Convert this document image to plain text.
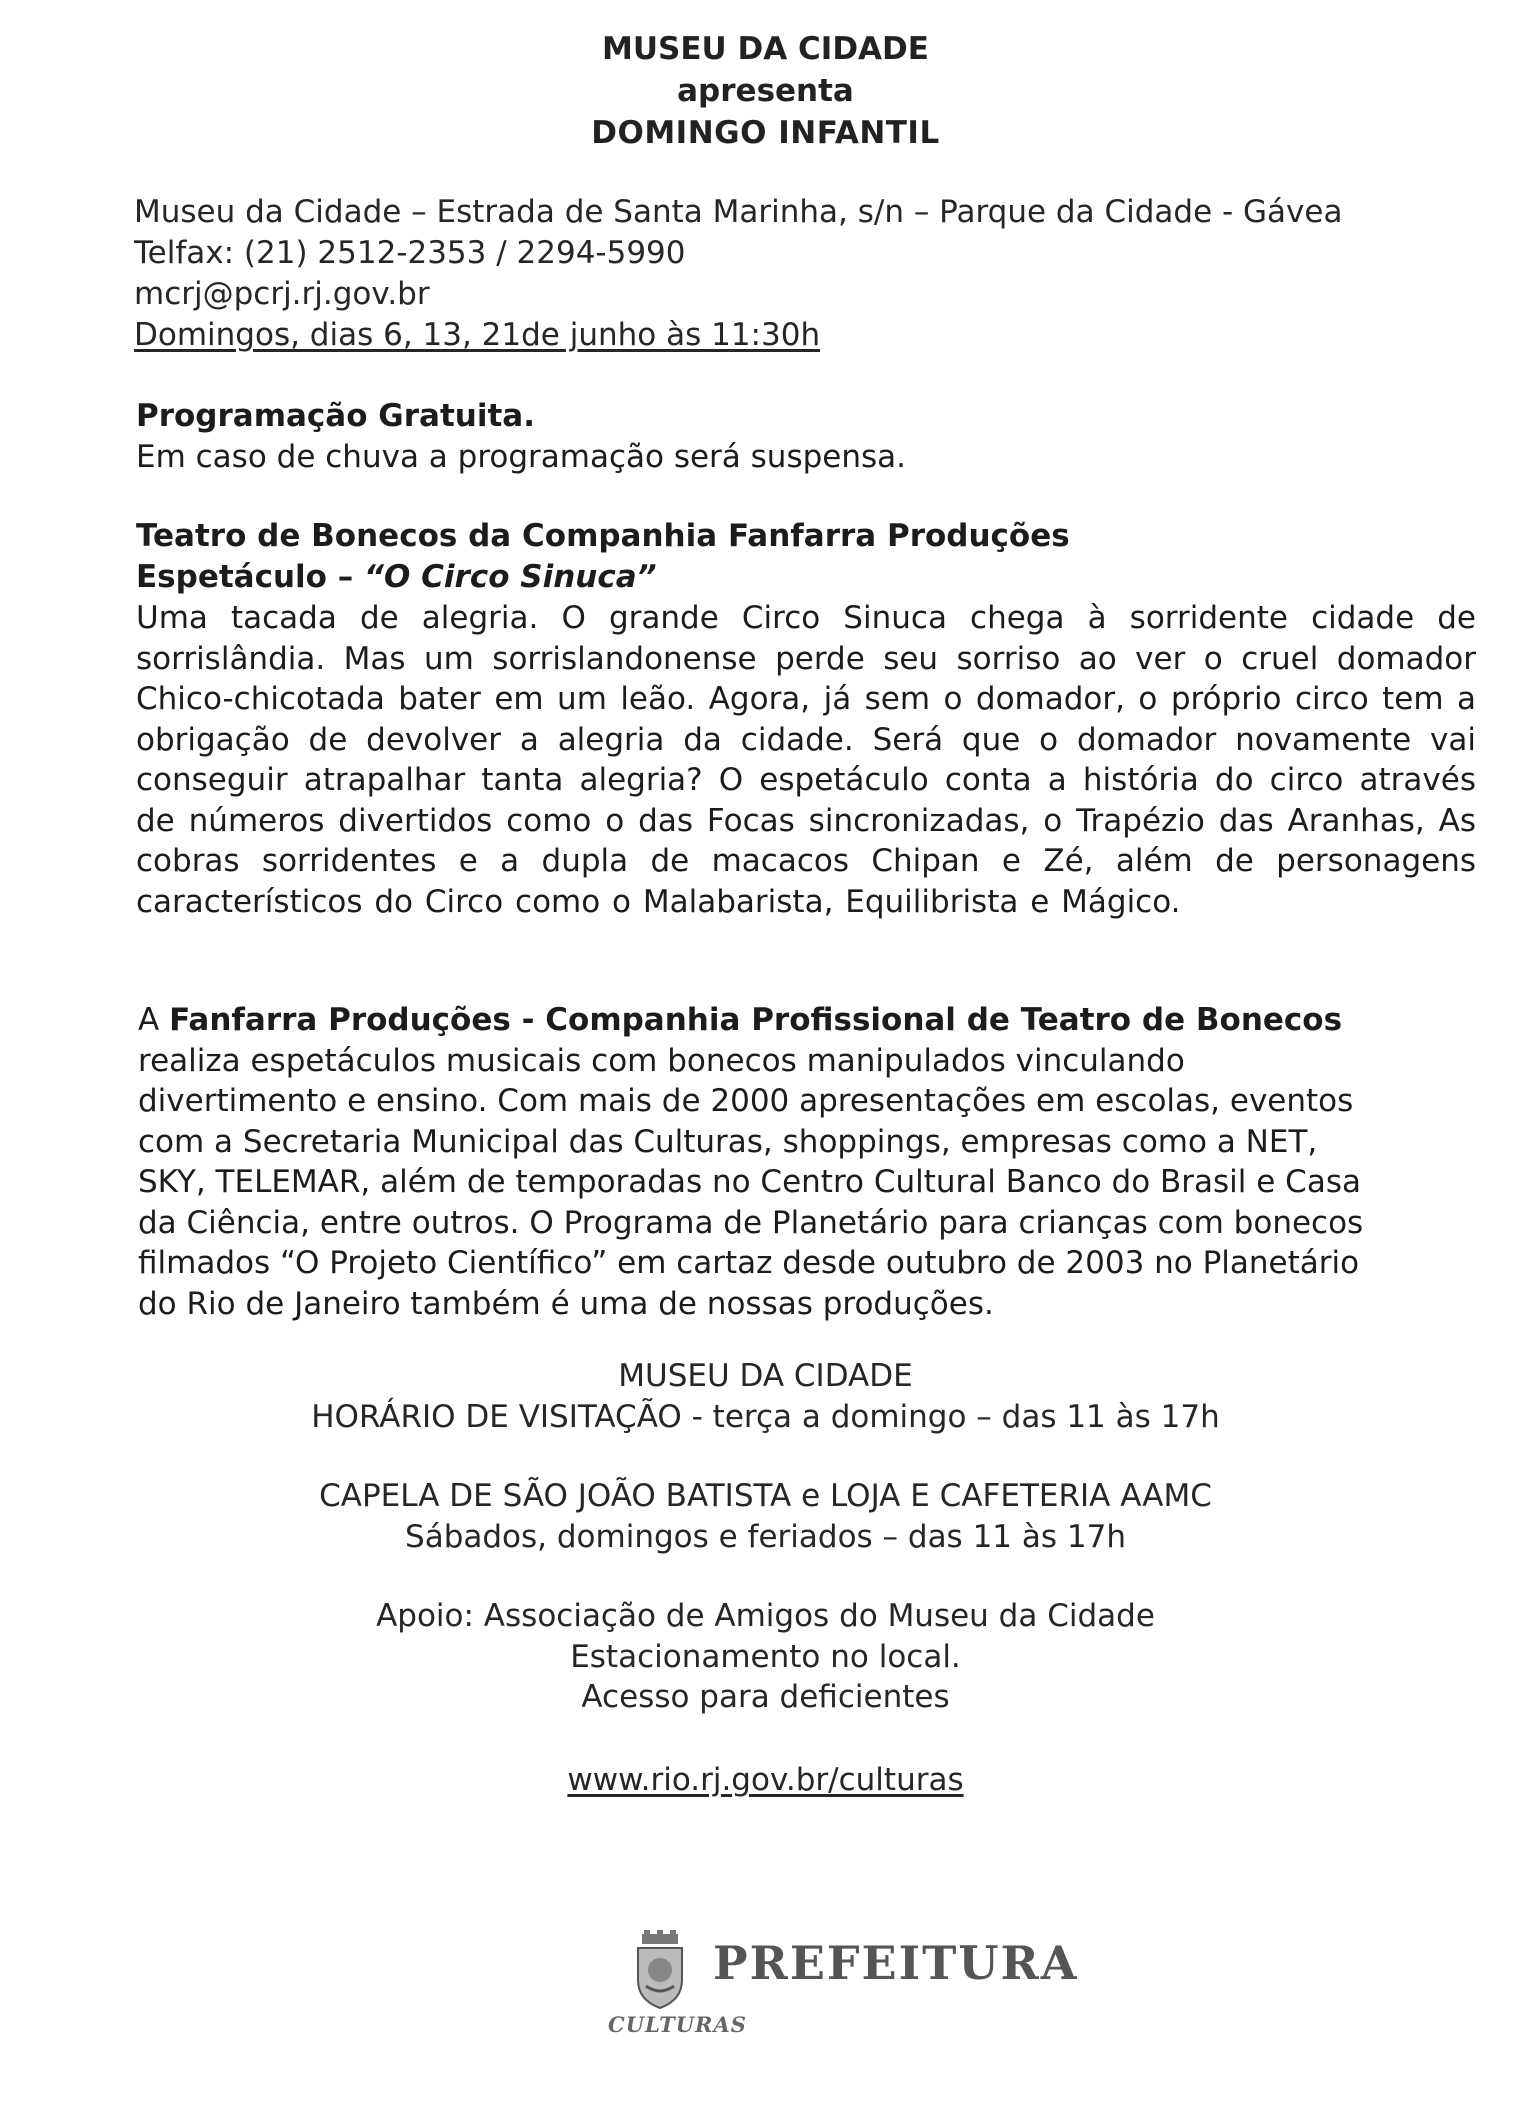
MUSEU DA CIDADE
apresenta
DOMINGO INFANTIL
Museu da Cidade – Estrada de Santa Marinha, s/n – Parque da Cidade - Gávea
Telfax: (21) 2512-2353 / 2294-5990
mcrj@pcrj.rj.gov.br
Domingos, dias 6, 13, 21de junho às 11:30h
Programação Gratuita.
Em caso de chuva a programação será suspensa.
Teatro de Bonecos da Companhia Fanfarra Produções
Espetáculo – “O Circo Sinuca”
Uma tacada de alegria. O grande Circo Sinuca chega à sorridente cidade de sorrislândia. Mas um sorrislandonense perde seu sorriso ao ver o cruel domador Chico-chicotada bater em um leão. Agora, já sem o domador, o próprio circo tem a obrigação de devolver a alegria da cidade. Será que o domador novamente vai conseguir atrapalhar tanta alegria? O espetáculo conta a história do circo através de números divertidos como o das Focas sincronizadas, o Trapézio das Aranhas, As cobras sorridentes e a dupla de macacos Chipan e Zé, além de personagens característicos do Circo como o Malabarista, Equilibrista e Mágico.
A Fanfarra Produções - Companhia Profissional de Teatro de Bonecos
realiza espetáculos musicais com bonecos manipulados vinculando
divertimento e ensino. Com mais de 2000 apresentações em escolas, eventos
com a Secretaria Municipal das Culturas, shoppings, empresas como a NET,
SKY, TELEMAR, além de temporadas no Centro Cultural Banco do Brasil e Casa
da Ciência, entre outros. O Programa de Planetário para crianças com bonecos
filmados “O Projeto Científico” em cartaz desde outubro de 2003 no Planetário
do Rio de Janeiro também é uma de nossas produções.
MUSEU DA CIDADE
HORÁRIO DE VISITAÇÃO - terça a domingo – das 11 às 17h
CAPELA DE SÃO JOÃO BATISTA e LOJA E CAFETERIA AAMC
Sábados, domingos e feriados – das 11 às 17h
Apoio: Associação de Amigos do Museu da Cidade
Estacionamento no local.
Acesso para deficientes
www.rio.rj.gov.br/culturas
PREFEITURA
CULTURAS
